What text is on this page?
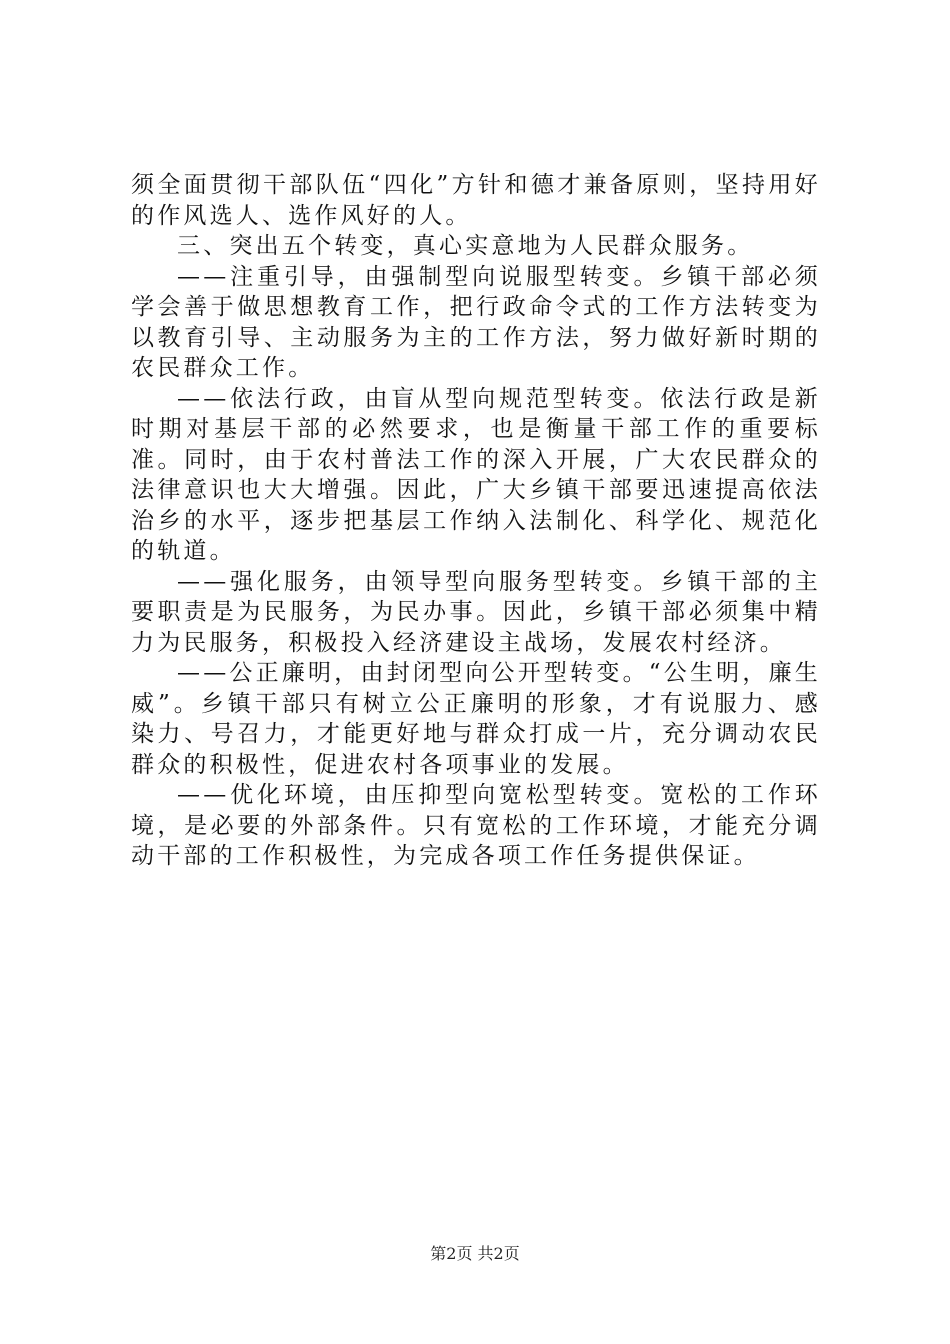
须全面贯彻干部队伍“四化”方针和德才兼备原则，坚持用好的作风选人、选作风好的人。

三、突出五个转变，真心实意地为人民群众服务。

——注重引导，由强制型向说服型转变。乡镇干部必须学会善于做思想教育工作，把行政命令式的工作方法转变为以教育引导、主动服务为主的工作方法，努力做好新时期的农民群众工作。

——依法行政，由盲从型向规范型转变。依法行政是新时期对基层干部的必然要求，也是衡量干部工作的重要标准。同时，由于农村普法工作的深入开展，广大农民群众的法律意识也大大增强。因此，广大乡镇干部要迅速提高依法治乡的水平，逐步把基层工作纳入法制化、科学化、规范化的轨道。

——强化服务，由领导型向服务型转变。乡镇干部的主要职责是为民服务，为民办事。因此，乡镇干部必须集中精力为民服务，积极投入经济建设主战场，发展农村经济。

——公正廉明，由封闭型向公开型转变。“公生明，廉生威”。乡镇干部只有树立公正廉明的形象，才有说服力、感染力、号召力，才能更好地与群众打成一片，充分调动农民群众的积极性，促进农村各项事业的发展。

——优化环境，由压抑型向宽松型转变。宽松的工作环境，是必要的外部条件。只有宽松的工作环境，才能充分调动干部的工作积极性，为完成各项工作任务提供保证。

第2页 共2页
